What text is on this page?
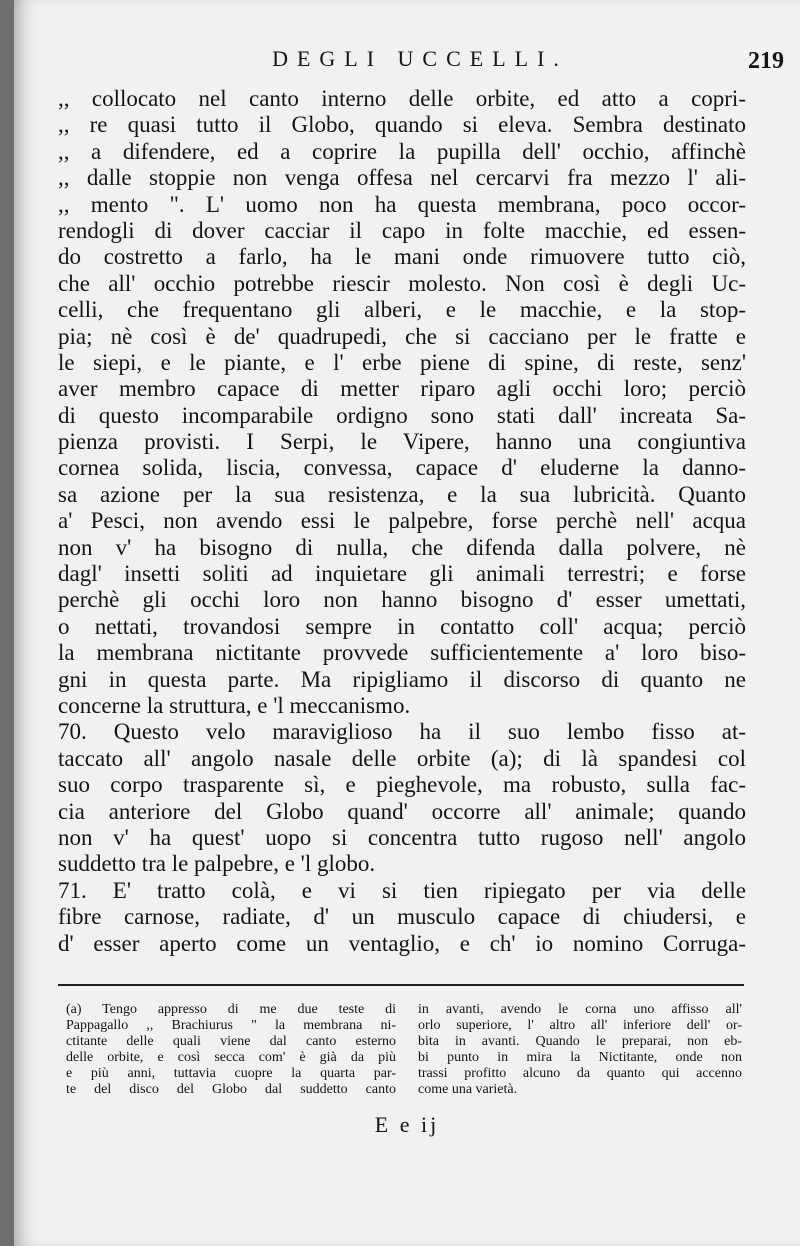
DEGLI UCCELLI.	219
,, collocato nel canto interno delle orbite, ed atto a copri-
,, re quasi tutto il Globo, quando si eleva. Sembra destinato
,, a difendere, ed a coprire la pupilla dell' occhio, affinchè
,, dalle stoppie non venga offesa nel cercarvi fra mezzo l' ali-
,, mento ". L' uomo non ha questa membrana, poco occor-
rendogli di dover cacciar il capo in folte macchie, ed essen-
do costretto a farlo, ha le mani onde rimuovere tutto ciò,
che all' occhio potrebbe riescir molesto. Non così è degli Uc-
celli, che frequentano gli alberi, e le macchie, e la stop-
pia; nè così è de' quadrupedi, che si cacciano per le fratte e
le siepi, e le piante, e l' erbe piene di spine, di reste, senz'
aver membro capace di metter riparo agli occhi loro; perciò
di questo incomparabile ordigno sono stati dall' increata Sa-
pienza provisti. I Serpi, le Vipere, hanno una congiuntiva
cornea solida, liscia, convessa, capace d' eluderne la danno-
sa azione per la sua resistenza, e la sua lubricità. Quanto
a' Pesci, non avendo essi le palpebre, forse perchè nell' acqua
non v' ha bisogno di nulla, che difenda dalla polvere, nè
dagl' insetti soliti ad inquietare gli animali terrestri; e forse
perchè gli occhi loro non hanno bisogno d' esser umettati,
o nettati, trovandosi sempre in contatto coll' acqua; perciò
la membrana nictitante provvede sufficientemente a' loro biso-
gni in questa parte. Ma ripigliamo il discorso di quanto ne
concerne la struttura, e 'l meccanismo.
70. Questo velo maraviglioso ha il suo lembo fisso at-
taccato all' angolo nasale delle orbite (a); di là spandesi col
suo corpo trasparente sì, e pieghevole, ma robusto, sulla fac-
cia anteriore del Globo quand' occorre all' animale; quando
non v' ha quest' uopo si concentra tutto rugoso nell' angolo
suddetto tra le palpebre, e 'l globo.
71. E' tratto colà, e vi si tien ripiegato per via delle
fibre carnose, radiate, d' un musculo capace di chiudersi, e
d' esser aperto come un ventaglio, e ch' io nomino Corruga-
(a) Tengo appresso di me due teste di
Pappagallo ,, Brachiurus " la membrana ni-
ctitante delle quali viene dal canto esterno
delle orbite, e così secca com' è già da più
e più anni, tuttavia cuopre la quarta par-
te del disco del Globo dal suddetto canto
in avanti, avendo le corna uno affisso all'
orlo superiore, l' altro all' inferiore dell' or-
bita in avanti. Quando le preparai, non eb-
bi punto in mira la Nictitante, onde non
trassi profitto alcuno da quanto qui accenno
come una varietà.
E e ij
